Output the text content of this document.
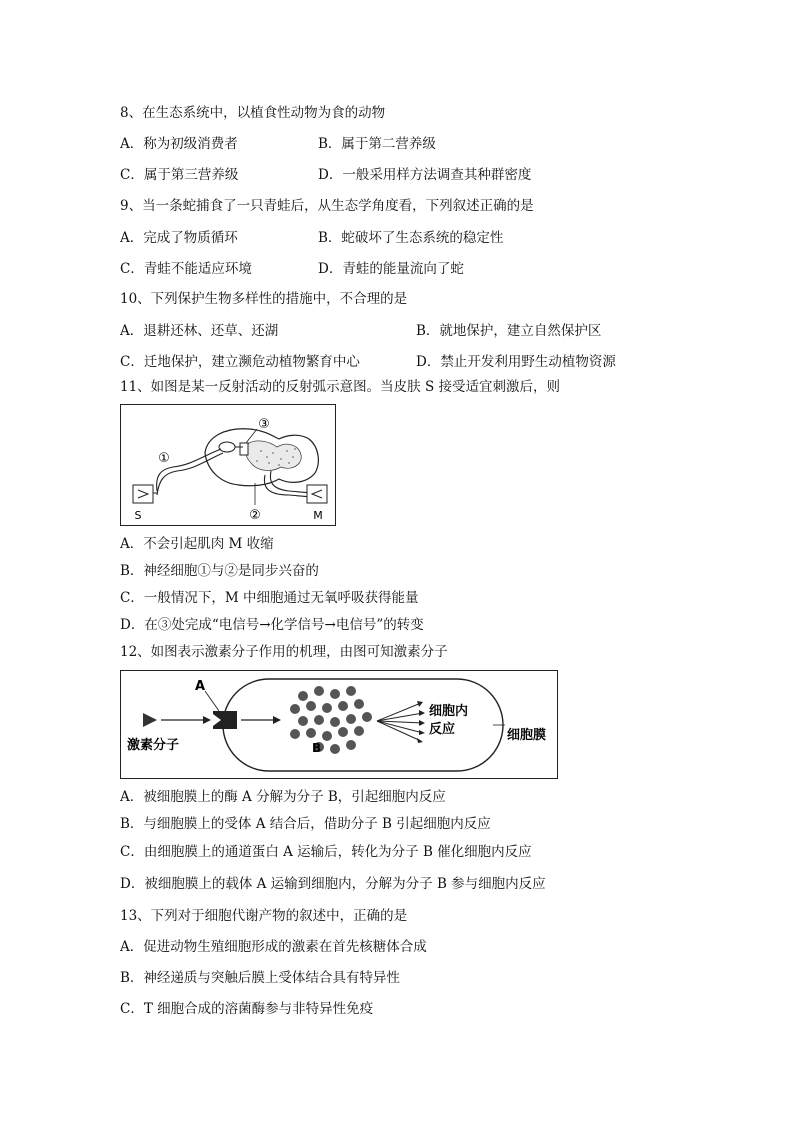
8、在生态系统中，以植食性动物为食的动物
A．称为初级消费者	B．属于第二营养级
C．属于第三营养级	D．一般采用样方法调查其种群密度
9、当一条蛇捕食了一只青蛙后，从生态学角度看，下列叙述正确的是
A．完成了物质循环	B．蛇破坏了生态系统的稳定性
C．青蛙不能适应环境	D．青蛙的能量流向了蛇
10、下列保护生物多样性的措施中，不合理的是
A．退耕还林、还草、还湖	B．就地保护，建立自然保护区
C．迁地保护，建立濒危动植物繁育中心	D．禁止开发利用野生动植物资源
11、如图是某一反射活动的反射弧示意图。当皮肤 S 接受适宜刺激后，则
③
①
②
S	M
A．不会引起肌肉 M 收缩
B．神经细胞①与②是同步兴奋的
C．一般情况下，M 中细胞通过无氧呼吸获得能量
D．在③处完成“电信号→化学信号→电信号”的转变
12、如图表示激素分子作用的机理，由图可知激素分子
细胞膜
激素分子
A
B
细胞内
反应
A．被细胞膜上的酶 A 分解为分子 B，引起细胞内反应
B．与细胞膜上的受体 A 结合后，借助分子 B 引起细胞内反应
C．由细胞膜上的通道蛋白 A 运输后，转化为分子 B 催化细胞内反应
D．被细胞膜上的载体 A 运输到细胞内，分解为分子 B 参与细胞内反应
13、下列对于细胞代谢产物的叙述中，正确的是
A．促进动物生殖细胞形成的激素在首先核糖体合成
B．神经递质与突触后膜上受体结合具有特异性
C．T 细胞合成的溶菌酶参与非特异性免疫
